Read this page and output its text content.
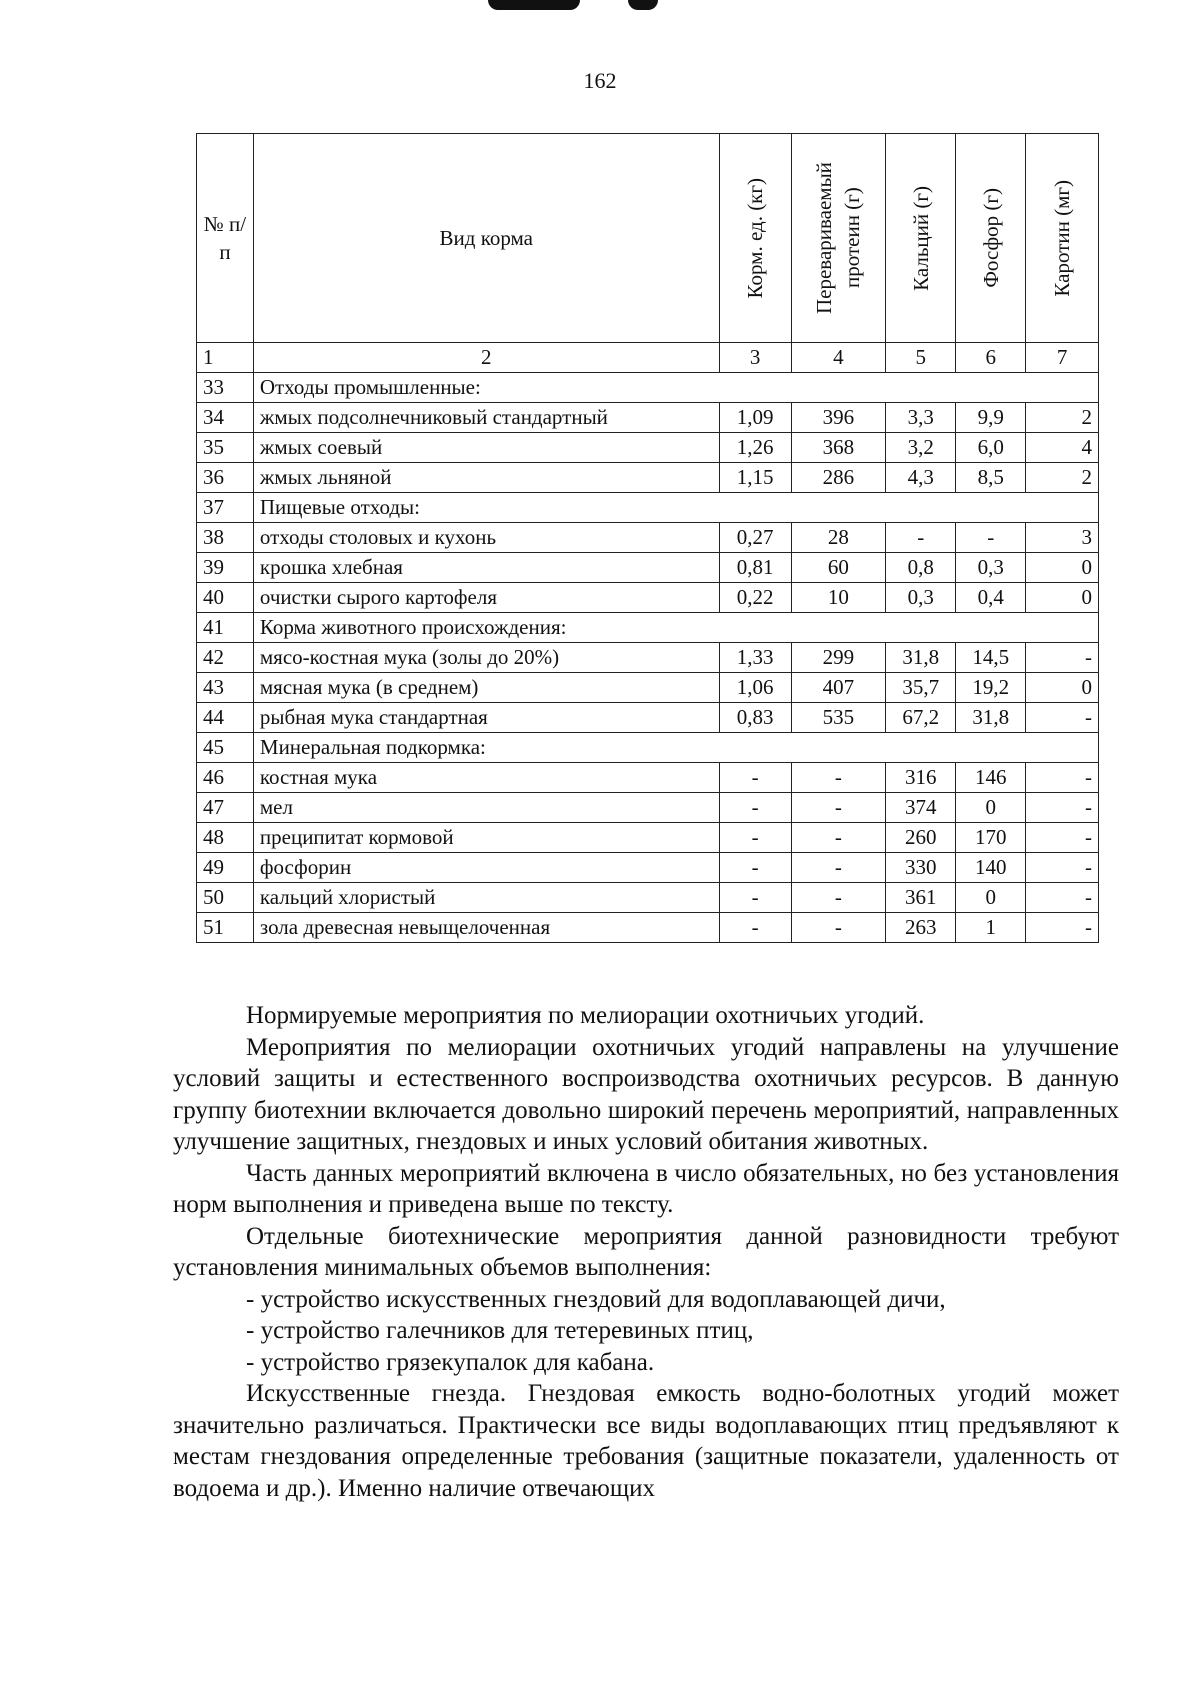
162
№ п/п	Вид корма	Корм. ед. (кг)	Перевариваемый протеин (г)	Кальций (г)	Фосфор (г)	Каротин (мг)

1	2	3	4	5	6	7
33	Отходы промышленные:					
34	жмых подсолнечниковый стандартный	1,09	396	3,3	9,9	2
35	жмых соевый	1,26	368	3,2	6,0	4
36	жмых льняной	1,15	286	4,3	8,5	2
37	Пищевые отходы:					
38	отходы столовых и кухонь	0,27	28	-	-	3
39	крошка хлебная	0,81	60	0,8	0,3	0
40	очистки сырого картофеля	0,22	10	0,3	0,4	0
41	Корма животного происхождения:					
42	мясо-костная мука (золы до 20%)	1,33	299	31,8	14,5	-
43	мясная мука (в среднем)	1,06	407	35,7	19,2	0
44	рыбная мука стандартная	0,83	535	67,2	31,8	-
45	Минеральная подкормка:					
46	костная мука	-	-	316	146	-
47	мел	-	-	374	0	-
48	преципитат кормовой	-	-	260	170	-
49	фосфорин	-	-	330	140	-
50	кальций хлористый	-	-	361	0	-
51	зола древесная невыщелоченная	-	-	263	1	-

Нормируемые мероприятия по мелиорации охотничьих угодий.

Мероприятия по мелиорации охотничьих угодий направлены на улучшение условий защиты и естественного воспроизводства охотничьих ресурсов. В данную группу биотехнии включается довольно широкий перечень мероприятий, направленных улучшение защитных, гнездовых и иных условий обитания животных.

Часть данных мероприятий включена в число обязательных, но без установления норм выполнения и приведена выше по тексту.

Отдельные биотехнические мероприятия данной разновидности требуют установления минимальных объемов выполнения:

- устройство искусственных гнездовий для водоплавающей дичи,

- устройство галечников для тетеревиных птиц,

- устройство грязекупалок для кабана.

Искусственные гнезда. Гнездовая емкость водно-болотных угодий может значительно различаться. Практически все виды водоплавающих птиц предъявляют к местам гнездования определенные требования (защитные показатели, удаленность от водоема и др.). Именно наличие отвечающих
